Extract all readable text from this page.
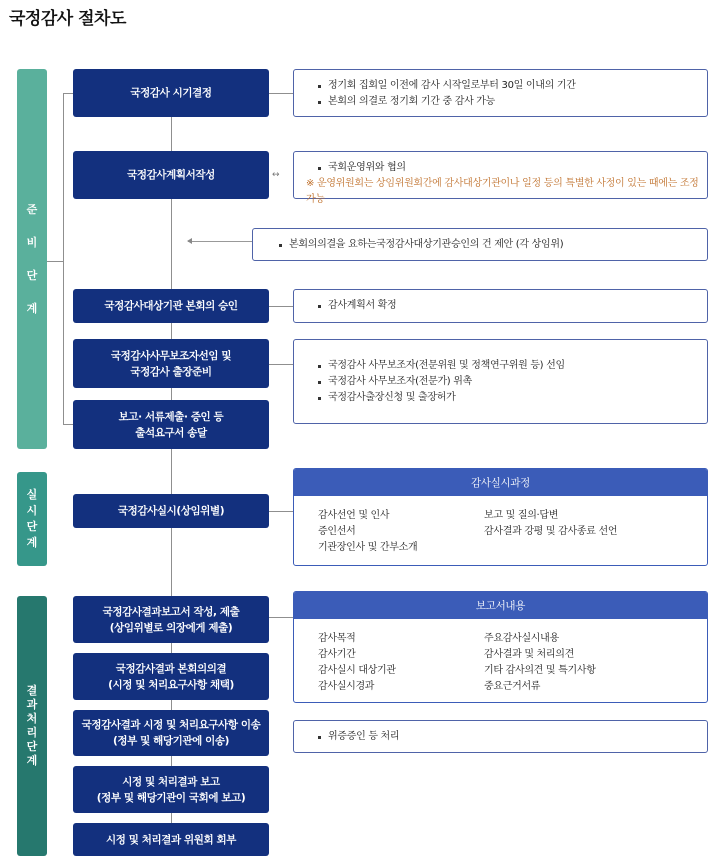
국정감사 절차도
준
비
단
계
실
시
단
계
결
과
처
리
단
계
↔
국정감사 시기결정
국정감사계획서작성
국정감사대상기관 본회의 승인
국정감사사무보조자선임 및
국정감사 출장준비
보고· 서류제출· 증인 등
출석요구서 송달
국정감사실시(상임위별)
국정감사결과보고서 작성, 제출
(상임위별로 의장에게 제출)
국정감사결과 본회의의결
(시정 및 처리요구사항 채택)
국정감사결과 시정 및 처리요구사항 이송
(정부 및 해당기관에 이송)
시정 및 처리결과 보고
(정부 및 해당기관이 국회에 보고)
시정 및 처리결과 위원회 회부
정기회 집회일 이전에 감사 시작일로부터 30일 이내의 기간
본회의 의결로 정기회 기간 중 감사 가능
국회운영위와 협의
※ 운영위원회는 상임위원회간에 감사대상기관이나 일정 등의 특별한 사정이 있는 때에는 조정 가능
본회의의결을 요하는국정감사대상기관승인의 건 제안 (각 상임위)
감사계획서 확정
국정감사 사무보조자(전문위원 및 정책연구위원 등) 선임
국정감사 사무보조자(전문가) 위촉
국정감사출장신청 및 출장허가
위증증인 등 처리
감사실시과정
감사선언 및 인사
증인선서
기관장인사 및 간부소개
보고 및 질의·답변
감사결과 강평 및 감사종료 선언
보고서내용
감사목적
감사기간
감사실시 대상기관
감사실시경과
주요감사실시내용
감사결과 및 처리의견
기타 감사의견 및 특기사항
중요근거서류
